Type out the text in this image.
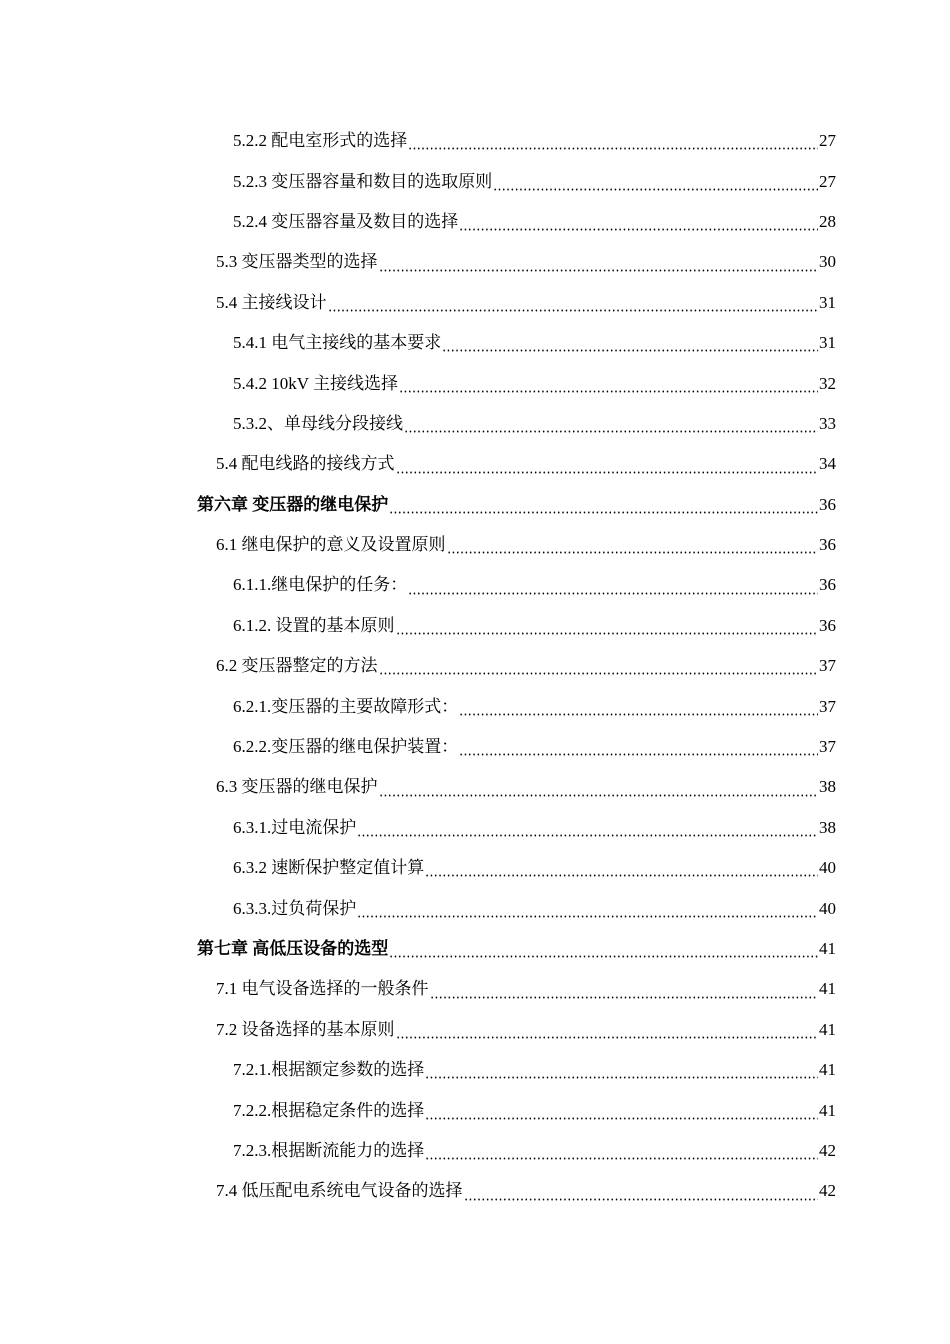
5.2.2 配电室形式的选择	27
5.2.3 变压器容量和数目的选取原则	27
5.2.4 变压器容量及数目的选择	28
5.3 变压器类型的选择	30
5.4 主接线设计	31
5.4.1 电气主接线的基本要求	31
5.4.2 10kV 主接线选择	32
5.3.2、单母线分段接线	33
5.4 配电线路的接线方式	34
第六章 变压器的继电保护	36
6.1 继电保护的意义及设置原则	36
6.1.1.继电保护的任务：	36
6.1.2. 设置的基本原则	36
6.2 变压器整定的方法	37
6.2.1.变压器的主要故障形式：	37
6.2.2.变压器的继电保护装置：	37
6.3 变压器的继电保护	38
6.3.1.过电流保护	38
6.3.2 速断保护整定值计算	40
6.3.3.过负荷保护	40
第七章 高低压设备的选型	41
7.1 电气设备选择的一般条件	41
7.2 设备选择的基本原则	41
7.2.1.根据额定参数的选择	41
7.2.2.根据稳定条件的选择	41
7.2.3.根据断流能力的选择	42
7.4 低压配电系统电气设备的选择	42
